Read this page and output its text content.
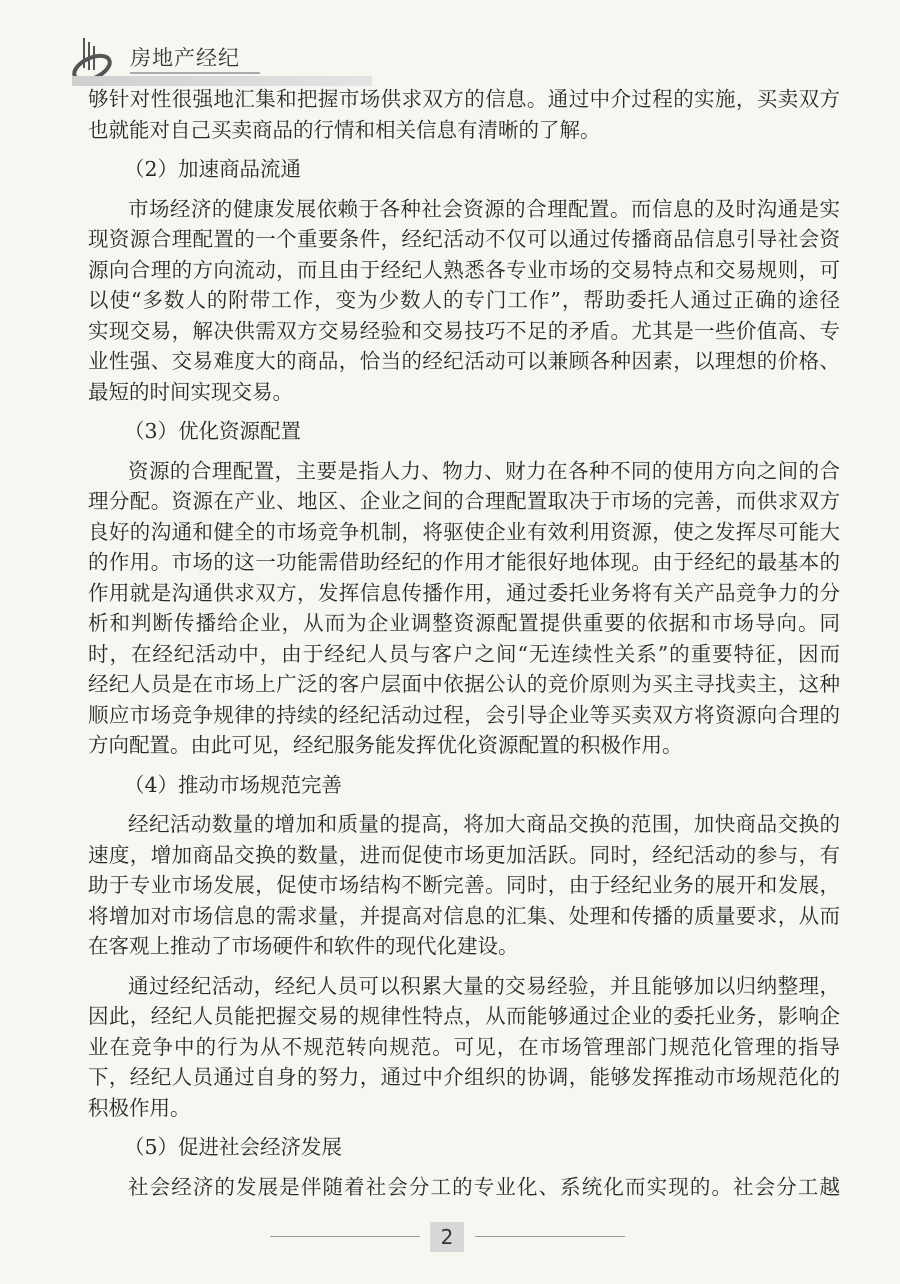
房地产经纪
够针对性很强地汇集和把握市场供求双方的信息。通过中介过程的实施，买卖双方
也就能对自己买卖商品的行情和相关信息有清晰的了解。
（2）加速商品流通
市场经济的健康发展依赖于各种社会资源的合理配置。而信息的及时沟通是实
现资源合理配置的一个重要条件，经纪活动不仅可以通过传播商品信息引导社会资
源向合理的方向流动，而且由于经纪人熟悉各专业市场的交易特点和交易规则，可
以使“多数人的附带工作，变为少数人的专门工作”，帮助委托人通过正确的途径
实现交易，解决供需双方交易经验和交易技巧不足的矛盾。尤其是一些价值高、专
业性强、交易难度大的商品，恰当的经纪活动可以兼顾各种因素，以理想的价格、
最短的时间实现交易。
（3）优化资源配置
资源的合理配置，主要是指人力、物力、财力在各种不同的使用方向之间的合
理分配。资源在产业、地区、企业之间的合理配置取决于市场的完善，而供求双方
良好的沟通和健全的市场竞争机制，将驱使企业有效利用资源，使之发挥尽可能大
的作用。市场的这一功能需借助经纪的作用才能很好地体现。由于经纪的最基本的
作用就是沟通供求双方，发挥信息传播作用，通过委托业务将有关产品竞争力的分
析和判断传播给企业，从而为企业调整资源配置提供重要的依据和市场导向。同
时，在经纪活动中，由于经纪人员与客户之间“无连续性关系”的重要特征，因而
经纪人员是在市场上广泛的客户层面中依据公认的竞价原则为买主寻找卖主，这种
顺应市场竞争规律的持续的经纪活动过程，会引导企业等买卖双方将资源向合理的
方向配置。由此可见，经纪服务能发挥优化资源配置的积极作用。
（4）推动市场规范完善
经纪活动数量的增加和质量的提高，将加大商品交换的范围，加快商品交换的
速度，增加商品交换的数量，进而促使市场更加活跃。同时，经纪活动的参与，有
助于专业市场发展，促使市场结构不断完善。同时，由于经纪业务的展开和发展，
将增加对市场信息的需求量，并提高对信息的汇集、处理和传播的质量要求，从而
在客观上推动了市场硬件和软件的现代化建设。
通过经纪活动，经纪人员可以积累大量的交易经验，并且能够加以归纳整理，
因此，经纪人员能把握交易的规律性特点，从而能够通过企业的委托业务，影响企
业在竞争中的行为从不规范转向规范。可见，在市场管理部门规范化管理的指导
下，经纪人员通过自身的努力，通过中介组织的协调，能够发挥推动市场规范化的
积极作用。
（5）促进社会经济发展
社会经济的发展是伴随着社会分工的专业化、系统化而实现的。社会分工越
2
